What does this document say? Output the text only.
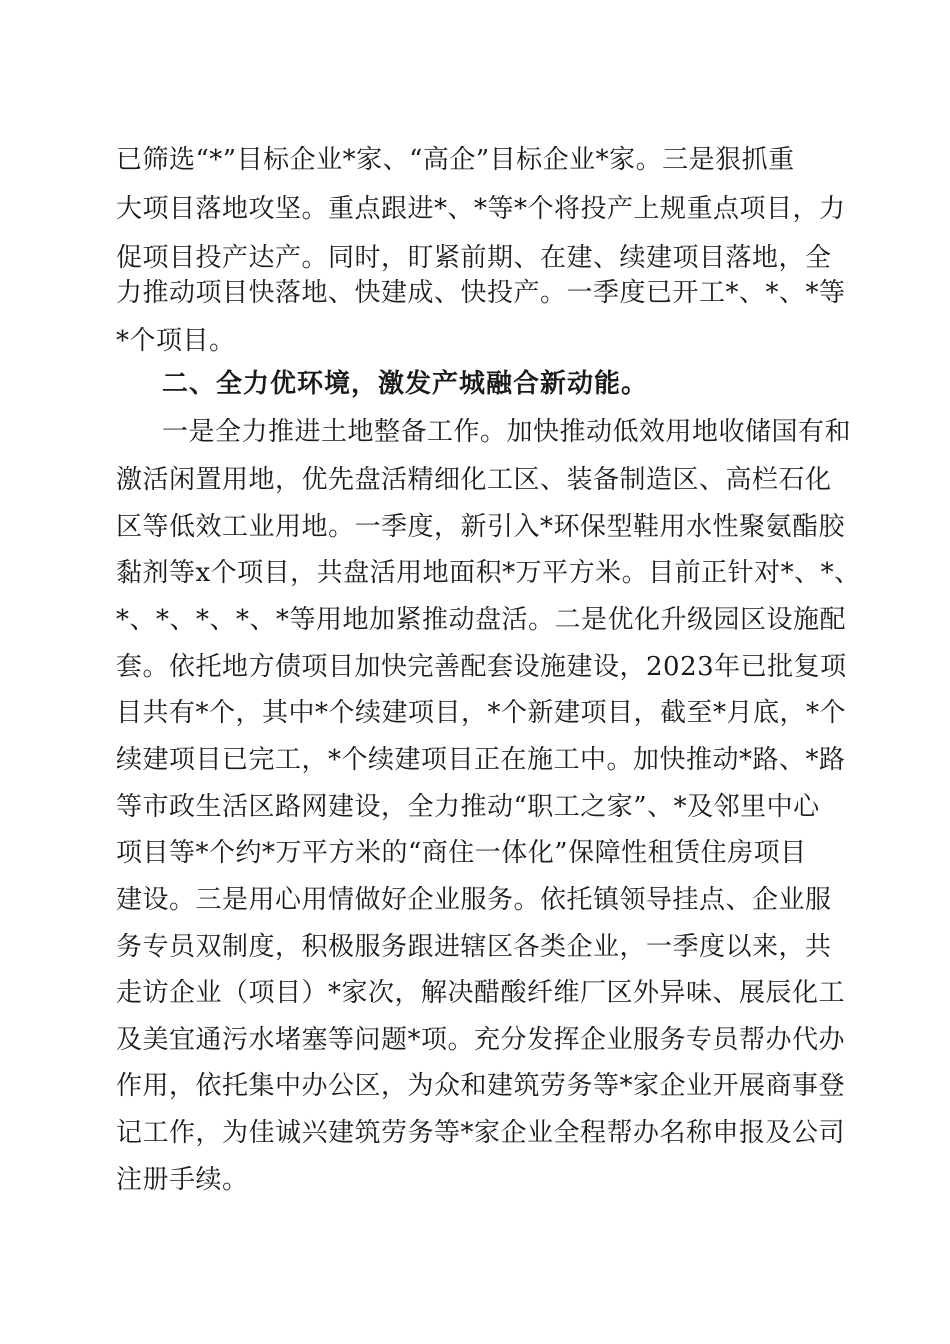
已筛选“*”目标企业*家、“高企”目标企业*家。三是狠抓重
大项目落地攻坚。重点跟进*、*等*个将投产上规重点项目，力
促项目投产达产。同时，盯紧前期、在建、续建项目落地，全
力推动项目快落地、快建成、快投产。一季度已开工*、*、*等
*个项目。
二、全力优环境，激发产城融合新动能。
一是全力推进土地整备工作。加快推动低效用地收储国有和
激活闲置用地，优先盘活精细化工区、装备制造区、高栏石化
区等低效工业用地。一季度，新引入*环保型鞋用水性聚氨酯胶
黏剂等x个项目，共盘活用地面积*万平方米。目前正针对*、*、
*、*、*、*、*等用地加紧推动盘活。二是优化升级园区设施配
套。依托地方债项目加快完善配套设施建设，2023年已批复项
目共有*个，其中*个续建项目，*个新建项目，截至*月底，*个
续建项目已完工，*个续建项目正在施工中。加快推动*路、*路
等市政生活区路网建设，全力推动“职工之家”、*及邻里中心
项目等*个约*万平方米的“商住一体化”保障性租赁住房项目
建设。三是用心用情做好企业服务。依托镇领导挂点、企业服
务专员双制度，积极服务跟进辖区各类企业，一季度以来，共
走访企业（项目）*家次，解决醋酸纤维厂区外异味、展辰化工
及美宜通污水堵塞等问题*项。充分发挥企业服务专员帮办代办
作用，依托集中办公区，为众和建筑劳务等*家企业开展商事登
记工作，为佳诚兴建筑劳务等*家企业全程帮办名称申报及公司
注册手续。
